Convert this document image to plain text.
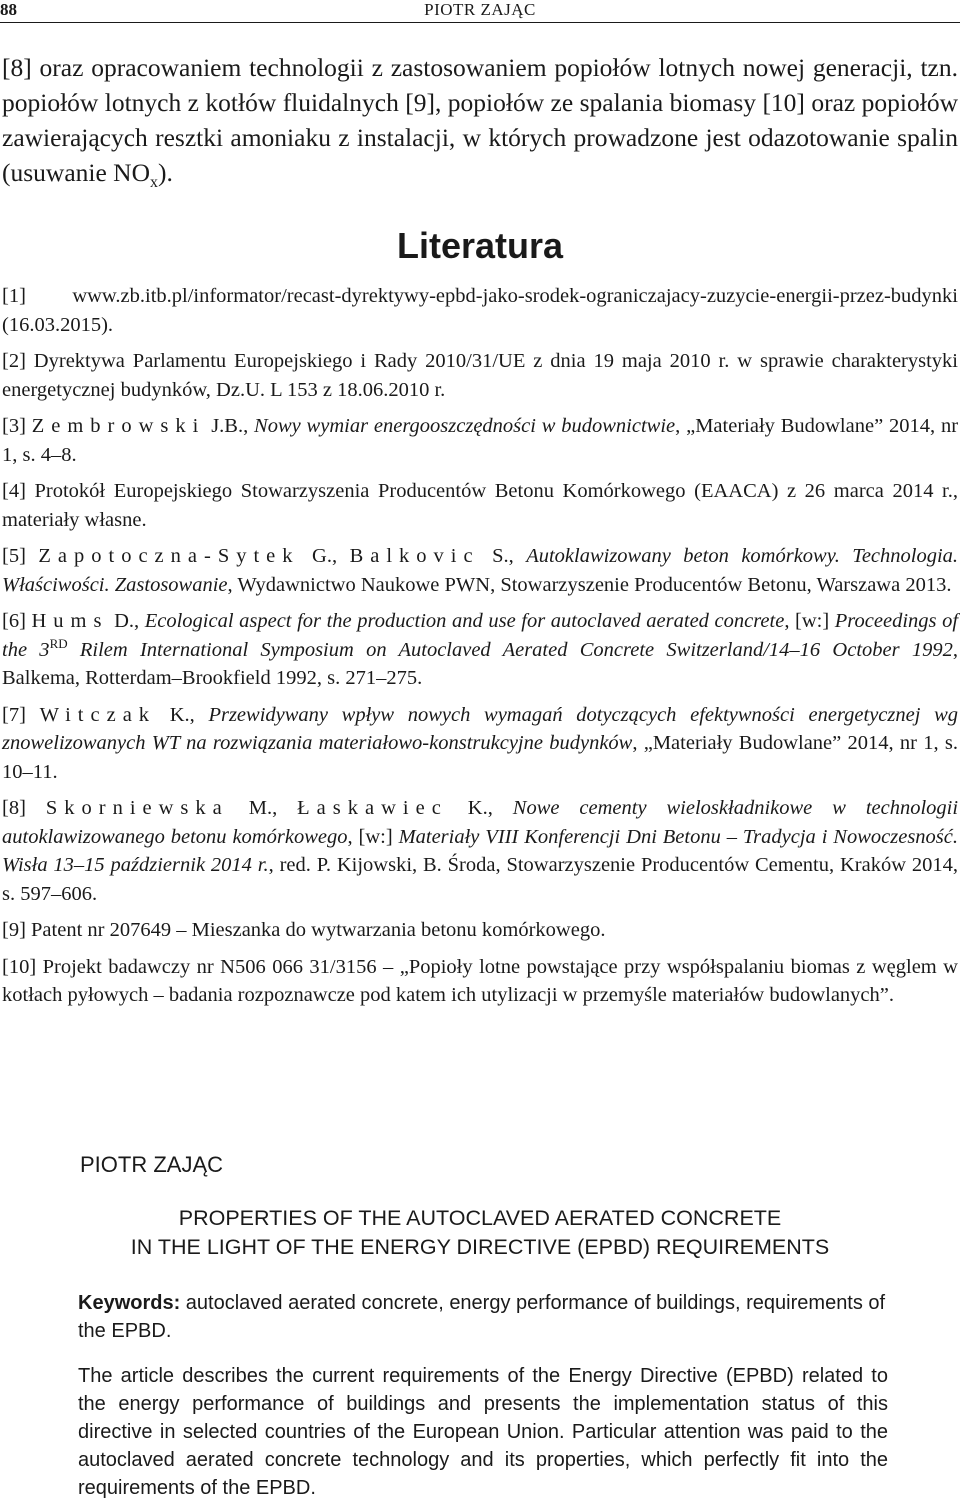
88	PIOTR ZAJĄC

[8] oraz opracowaniem technologii z zastosowaniem popiołów lotnych nowej generacji, tzn. popiołów lotnych z kotłów fluidalnych [9], popiołów ze spalania biomasy [10] oraz popiołów zawierających resztki amoniaku z instalacji, w których prowadzone jest odazotowanie spalin (usuwanie $NO_x$).

Literatura

[1] www.zb.itb.pl/informator/recast-dyrektywy-epbd-jako-srodek-ograniczajacy-zuzycie-energii-przez-budynki (16.03.2015).

[2] Dyrektywa Parlamentu Europejskiego i Rady 2010/31/UE z dnia 19 maja 2010 r. w sprawie charakterystyki energetycznej budynków, Dz.U. L 153 z 18.06.2010 r.

[3] Zembrowski J.B., Nowy wymiar energooszczędności w budownictwie, „Materiały Budowlane” 2014, nr 1, s. 4–8.

[4] Protokół Europejskiego Stowarzyszenia Producentów Betonu Komórkowego (EAACA) z 26 marca 2014 r., materiały własne.

[5] Zapotoczna-Sytek G., Balkovic S., Autoklawizowany beton komórkowy. Technologia. Właściwości. Zastosowanie, Wydawnictwo Naukowe PWN, Stowarzyszenie Producentów Betonu, Warszawa 2013.

[6] Hums D., Ecological aspect for the production and use for autoclaved aerated concrete, [w:] Proceedings of the 3RD Rilem International Symposium on Autoclaved Aerated Concrete Switzerland/14–16 October 1992, Balkema, Rotterdam–Brookfield 1992, s. 271–275.

[7] Witczak K., Przewidywany wpływ nowych wymagań dotyczących efektywności energetycznej wg znowelizowanych WT na rozwiązania materiałowo-konstrukcyjne budynków, „Materiały Budowlane” 2014, nr 1, s. 10–11.

[8] Skorniewska M., Łaskawiec K., Nowe cementy wieloskładnikowe w technologii autoklawizowanego betonu komórkowego, [w:] Materiały VIII Konferencji Dni Betonu – Tradycja i Nowoczesność. Wisła 13–15 październik 2014 r., red. P. Kijowski, B. Środa, Stowarzyszenie Producentów Cementu, Kraków 2014, s. 597–606.

[9] Patent nr 207649 – Mieszanka do wytwarzania betonu komórkowego.

[10] Projekt badawczy nr N506 066 31/3156 – „Popioły lotne powstające przy współspalaniu biomas z węglem w kotłach pyłowych – badania rozpoznawcze pod katem ich utylizacji w przemyśle materiałów budowlanych”.

PIOTR ZAJĄC
PROPERTIES OF THE AUTOCLAVED AERATED CONCRETE
IN THE LIGHT OF THE ENERGY DIRECTIVE (EPBD) REQUIREMENTS

Keywords: autoclaved aerated concrete, energy performance of buildings, requirements of the EPBD.

The article describes the current requirements of the Energy Directive (EPBD) related to the energy performance of buildings and presents the implementation status of this directive in selected countries of the European Union. Particular attention was paid to the autoclaved aerated concrete technology and its properties, which perfectly fit into the requirements of the EPBD.
